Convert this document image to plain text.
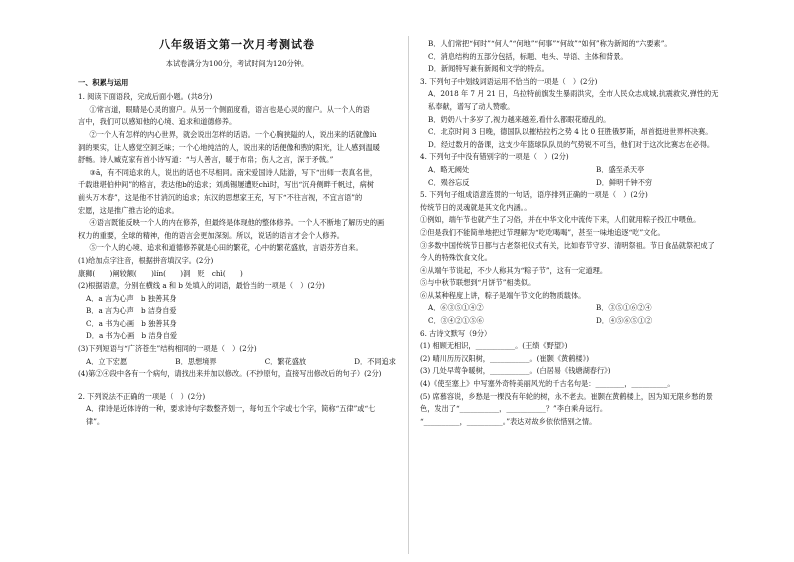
八年级语文第一次月考测试卷

本试卷满分为100分，考试时间为120分钟。

一、积累与运用

1. 阅读下面语段，完成后面小题。(共8分)

①常言道，眼睛是心灵的窗户。从另一个侧面度看，语言也是心灵的窗户。从一个人的语

言中，我们可以感知他的心境、追求和道德修养。

②一个人有怎样的内心世界，就会说出怎样的话语。一个心胸狭隘的人，说出来的话就像lù

洞的果实，让人感觉空洞乏味；一个心地纯洁的人，说出来的话便像和煦的阳光，让人感到温暖

舒畅。诗人臧克家有首小诗写道：“与人善言，暖于布帛；伤人之言，深于矛戟。”

③ā，有不同追求的人，说出的话也不尽相同。南宋爱国诗人陆游，写下“出师一表真名世，

千载谁堪伯仲间”的格言，表达他b的追求；刘禹锡屡遭贬chì时，写出“沉舟侧畔千帆过，病树

前头万木春”，这是他不甘消沉的追求；东汉的思想家王充，写下“不往言视，不宜言语”的

宏愿，这是推广推古论的追求。

④语言既能反映一个人的内在修养，但最终是体现他的整体修养。一个人不断地了解历史的画

权力的重要，全球的精神，他的语言会更加深刻。所以，说话的语言才会个人修养。

⑤一个人的心境、追求和道德修养就是心田的繁花，心中的繁花盛放，言语芬芳自来。

(1)给加点字注音，根据拼音填汉字。(2分)

康狮(　　)阐较额(　　)lín(　　)洞　贬　chì(　　)

(2)根据语意，分别在横线 a 和 b 处填入的词语，最恰当的一项是（　）(2分)

A．a 言为心声　b 独善其身

B．a 言为心声　b 洁身自爱

C．a 书为心画　b 独善其身

D．a 书为心画　b 洁身自爱

(3)下列短语与“广济苍生”结构相同的一项是（　）(2分)

A．立下宏愿	B．思想境界	C．繁花盛放	D．不同追求

(4)第②④段中各有一个病句，请找出来并加以修改。(不抄原句，直接写出修改后的句子）(2分)

2. 下列说法不正确的一项是（　）(2分)

A．律诗是近体诗的一种，要求诗句字数整齐划一，每句五个字或七个字，简称“五律”或“七

律”。

B．人们常把“何时”“何人”“何地”“何事”“何故”“如何”称为新闻的“六要素”。

C．消息结构的五部分包括，标题、电头、导语、主体和背景。

D．新闻特写兼有新闻和文学的特点。

3. 下列句子中划线词语运用不恰当的一项是（　）(2分)

A．2018 年 7 月 21 日，乌拉特前旗发生暴雨洪灾，全市人民众志成城,抗震救灾,弹性的无

私奉献，谱写了动人赞歌。

B．奶奶八十多岁了,视力越来越差,看什么都眼花缭乱的。

C．北京时间 3 日晚，德国队以摧枯拉朽之势 4 比 0 狂胜俄罗斯，昂首挺进世界杯决赛。

D．经过数月的备课，这支少年篮球队队员的气势锐不可当，他们对于这次比赛志在必得。

4. 下列句子中没有错别字的一项是（　）(2分)

A．略无阙处	B．盛至杀天亭
C．殒谷忘反	D．鲜明千钟不穷

5. 下列句子组成语意连贯的一句话，语序排列正确的一项是（　）(2分)

传统节日的灵魂就是其文化内涵。。

①例如，端午节也就产生了习俗，并在中华文化中流传下来，人们就用粽子投江中喂鱼。

②但是我们不能简单地把过节理解为“吃吃喝喝”，甚至一味地追逐“吃”文化。

③多数中国传统节日都与古老祭祀仪式有关，比如春节守岁、清明祭祖。节日食品就祭祀成了

今人的特殊饮食文化。

④从端午节说起，不少人称其为“粽子节”，这有一定道理。

⑤与中秋节联想到“月饼节”相类似。

⑥从某种程度上讲，粽子是端午节文化的物质载体。

A．⑥③⑤①④②	B．③⑤①⑥②④
C．③④②①⑤⑥	D．④⑤⑥⑤①②

6. 古诗文默写（9分）

(1) 相顾无相识，___________。(王绩《野望》)

(2) 晴川历历汉阳树，___________。(崔颢《黄鹤楼》)

(3) 几处早莺争暖树，___________。(白居易《钱塘湖春行》)

(4)《使至塞上》中写塞外奇特美丽风光的千古名句是：________，__________。

(5) 席慕容说，乡愁是一棵没有年轮的树，永不老去。崔颢在黄鹤楼上，因为知无限乡愁的景

色，发出了“___________，___________？”李白乘舟远行。

“__________，__________。”表达对故乡依依惜别之情。
